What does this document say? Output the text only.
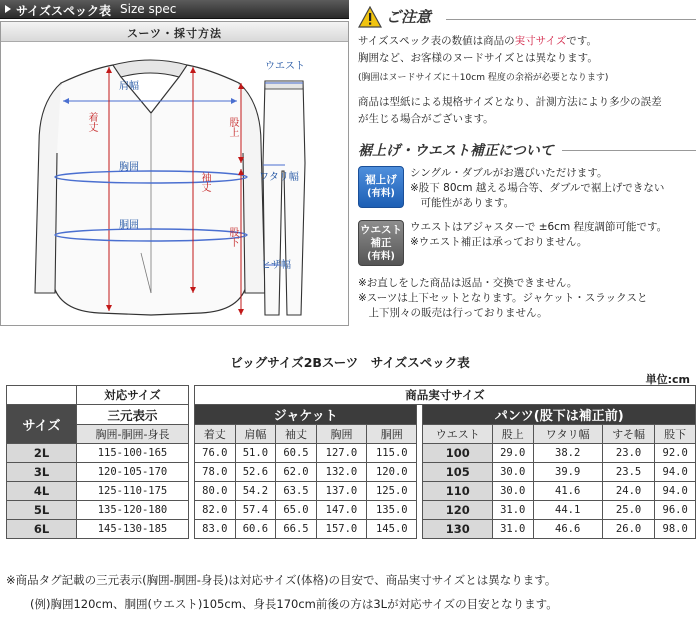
サイズスペック表 Size spec
スーツ・採寸方法
肩幅
着丈
胸囲
胴囲
袖丈
ウエスト
股上
ワタリ幅
股下
ヒザ幅
ご注意
サイズスペック表の数値は商品の実寸サイズです。
胸囲など、お客様のヌードサイズとは異なります。
(胸囲はヌードサイズに＋10cm 程度の余裕が必要となります)
商品は型紙による規格サイズとなり、計測方法により多少の誤差
が生じる場合がございます。
裾上げ・ウエスト補正について
裾上げ
(有料)
シングル・ダブルがお選びいただけます。
※股下 80cm 越える場合等、ダブルで裾上げできない
　可能性があります。
ウエスト
補正
(有料)
ウエストはアジャスターで ±6cm 程度調節可能です。
※ウエスト補正は承っておりません。
※お直しをした商品は返品・交換できません。
※スーツは上下セットとなります。ジャケット・スラックスと
　上下別々の販売は行っておりません。
ビッグサイズ2Bスーツ　サイズスペック表
単位:cm
	対応サイズ		商品実寸サイズ										
サイズ	三元表示		ジャケット						パンツ(股下は補正前)				
	胸囲-胴囲-身長		着丈	肩幅	袖丈	胸囲	胴囲		ウエスト	股上	ワタリ幅	すそ幅	股下
2L	115-100-165		76.0	51.0	60.5	127.0	115.0		100	29.0	38.2	23.0	92.0
3L	120-105-170		78.0	52.6	62.0	132.0	120.0		105	30.0	39.9	23.5	94.0
4L	125-110-175		80.0	54.2	63.5	137.0	125.0		110	30.0	41.6	24.0	94.0
5L	135-120-180		82.0	57.4	65.0	147.0	135.0		120	31.0	44.1	25.0	96.0
6L	145-130-185		83.0	60.6	66.5	157.0	145.0		130	31.0	46.6	26.0	98.0
※商品タグ記載の三元表示(胸囲-胴囲-身長)は対応サイズ(体格)の目安で、商品実寸サイズとは異なります。
(例)胸囲120cm、胴囲(ウエスト)105cm、身長170cm前後の方は3Lが対応サイズの目安となります。
